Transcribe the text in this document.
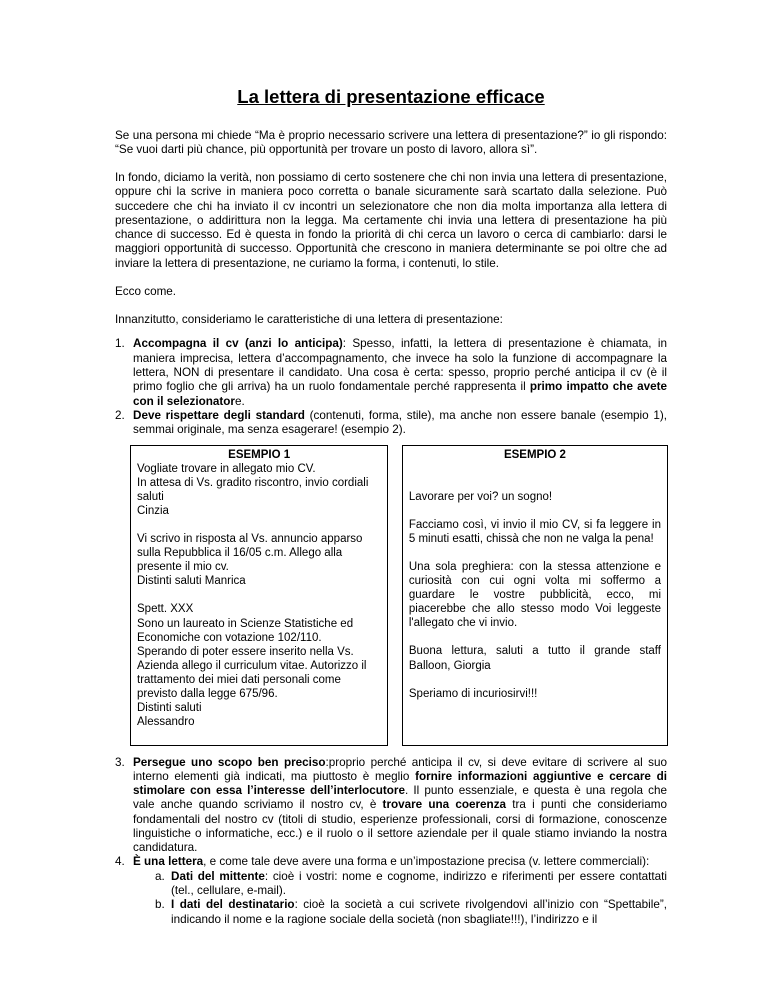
La lettera di presentazione efficace

Se una persona mi chiede “Ma è proprio necessario scrivere una lettera di presentazione?” io gli rispondo: “Se vuoi darti più chance, più opportunità per trovare un posto di lavoro, allora sì”.

In fondo, diciamo la verità, non possiamo di certo sostenere che chi non invia una lettera di presentazione, oppure chi la scrive in maniera poco corretta o banale sicuramente sarà scartato dalla selezione. Può succedere che chi ha inviato il cv incontri un selezionatore che non dia molta importanza alla lettera di presentazione, o addirittura non la legga. Ma certamente chi invia una lettera di presentazione ha più chance di successo. Ed è questa in fondo la priorità di chi cerca un lavoro o cerca di cambiarlo: darsi le maggiori opportunità di successo. Opportunità che crescono in maniera determinante se poi oltre che ad inviare la lettera di presentazione, ne curiamo la forma, i contenuti, lo stile.

Ecco come.

Innanzitutto, consideriamo le caratteristiche di una lettera di presentazione:

1. Accompagna il cv (anzi lo anticipa): Spesso, infatti, la lettera di presentazione è chiamata, in maniera imprecisa, lettera d’accompagnamento, che invece ha solo la funzione di accompagnare la lettera, NON di presentare il candidato. Una cosa è certa: spesso, proprio perché anticipa il cv (è il primo foglio che gli arriva) ha un ruolo fondamentale perché rappresenta il primo impatto che avete con il selezionatore.
2. Deve rispettare degli standard (contenuti, forma, stile), ma anche non essere banale (esempio 1), semmai originale, ma senza esagerare! (esempio 2).
ESEMPIO 1
Vogliate trovare in allegato mio CV.
In attesa di Vs. gradito riscontro, invio cordiali saluti
Cinzia
Vi scrivo in risposta al Vs. annuncio apparso sulla Repubblica il 16/05 c.m. Allego alla presente il mio cv.
Distinti saluti Manrica
Spett. XXX
Sono un laureato in Scienze Statistiche ed Economiche con votazione 102/110.
Sperando di poter essere inserito nella Vs. Azienda allego il curriculum vitae. Autorizzo il trattamento dei miei dati personali come previsto dalla legge 675/96.
Distinti saluti
Alessandro

ESEMPIO 2
Lavorare per voi? un sogno!
Facciamo così, vi invio il mio CV, si fa leggere in 5 minuti esatti, chissà che non ne valga la pena!
Una sola preghiera: con la stessa attenzione e curiosità con cui ogni volta mi soffermo a guardare le vostre pubblicità, ecco, mi piacerebbe che allo stesso modo Voi leggeste l'allegato che vi invio.
Buona lettura, saluti a tutto il grande staff Balloon, Giorgia
Speriamo di incuriosirvi!!!
3. Persegue uno scopo ben preciso:proprio perché anticipa il cv, si deve evitare di scrivere al suo interno elementi già indicati, ma piuttosto è meglio fornire informazioni aggiuntive e cercare di stimolare con essa l’interesse dell’interlocutore. Il punto essenziale, e questa è una regola che vale anche quando scriviamo il nostro cv, è trovare una coerenza tra i punti che consideriamo fondamentali del nostro cv (titoli di studio, esperienze professionali, corsi di formazione, conoscenze linguistiche o informatiche, ecc.) e il ruolo o il settore aziendale per il quale stiamo inviando la nostra candidatura.
4. È una lettera, e come tale deve avere una forma e un’impostazione precisa (v. lettere commerciali):
a. Dati del mittente: cioè i vostri: nome e cognome, indirizzo e riferimenti per essere contattati (tel., cellulare, e-mail).
b. I dati del destinatario: cioè la società a cui scrivete rivolgendovi all’inizio con “Spettabile”, indicando il nome e la ragione sociale della società (non sbagliate!!!), l’indirizzo e il
